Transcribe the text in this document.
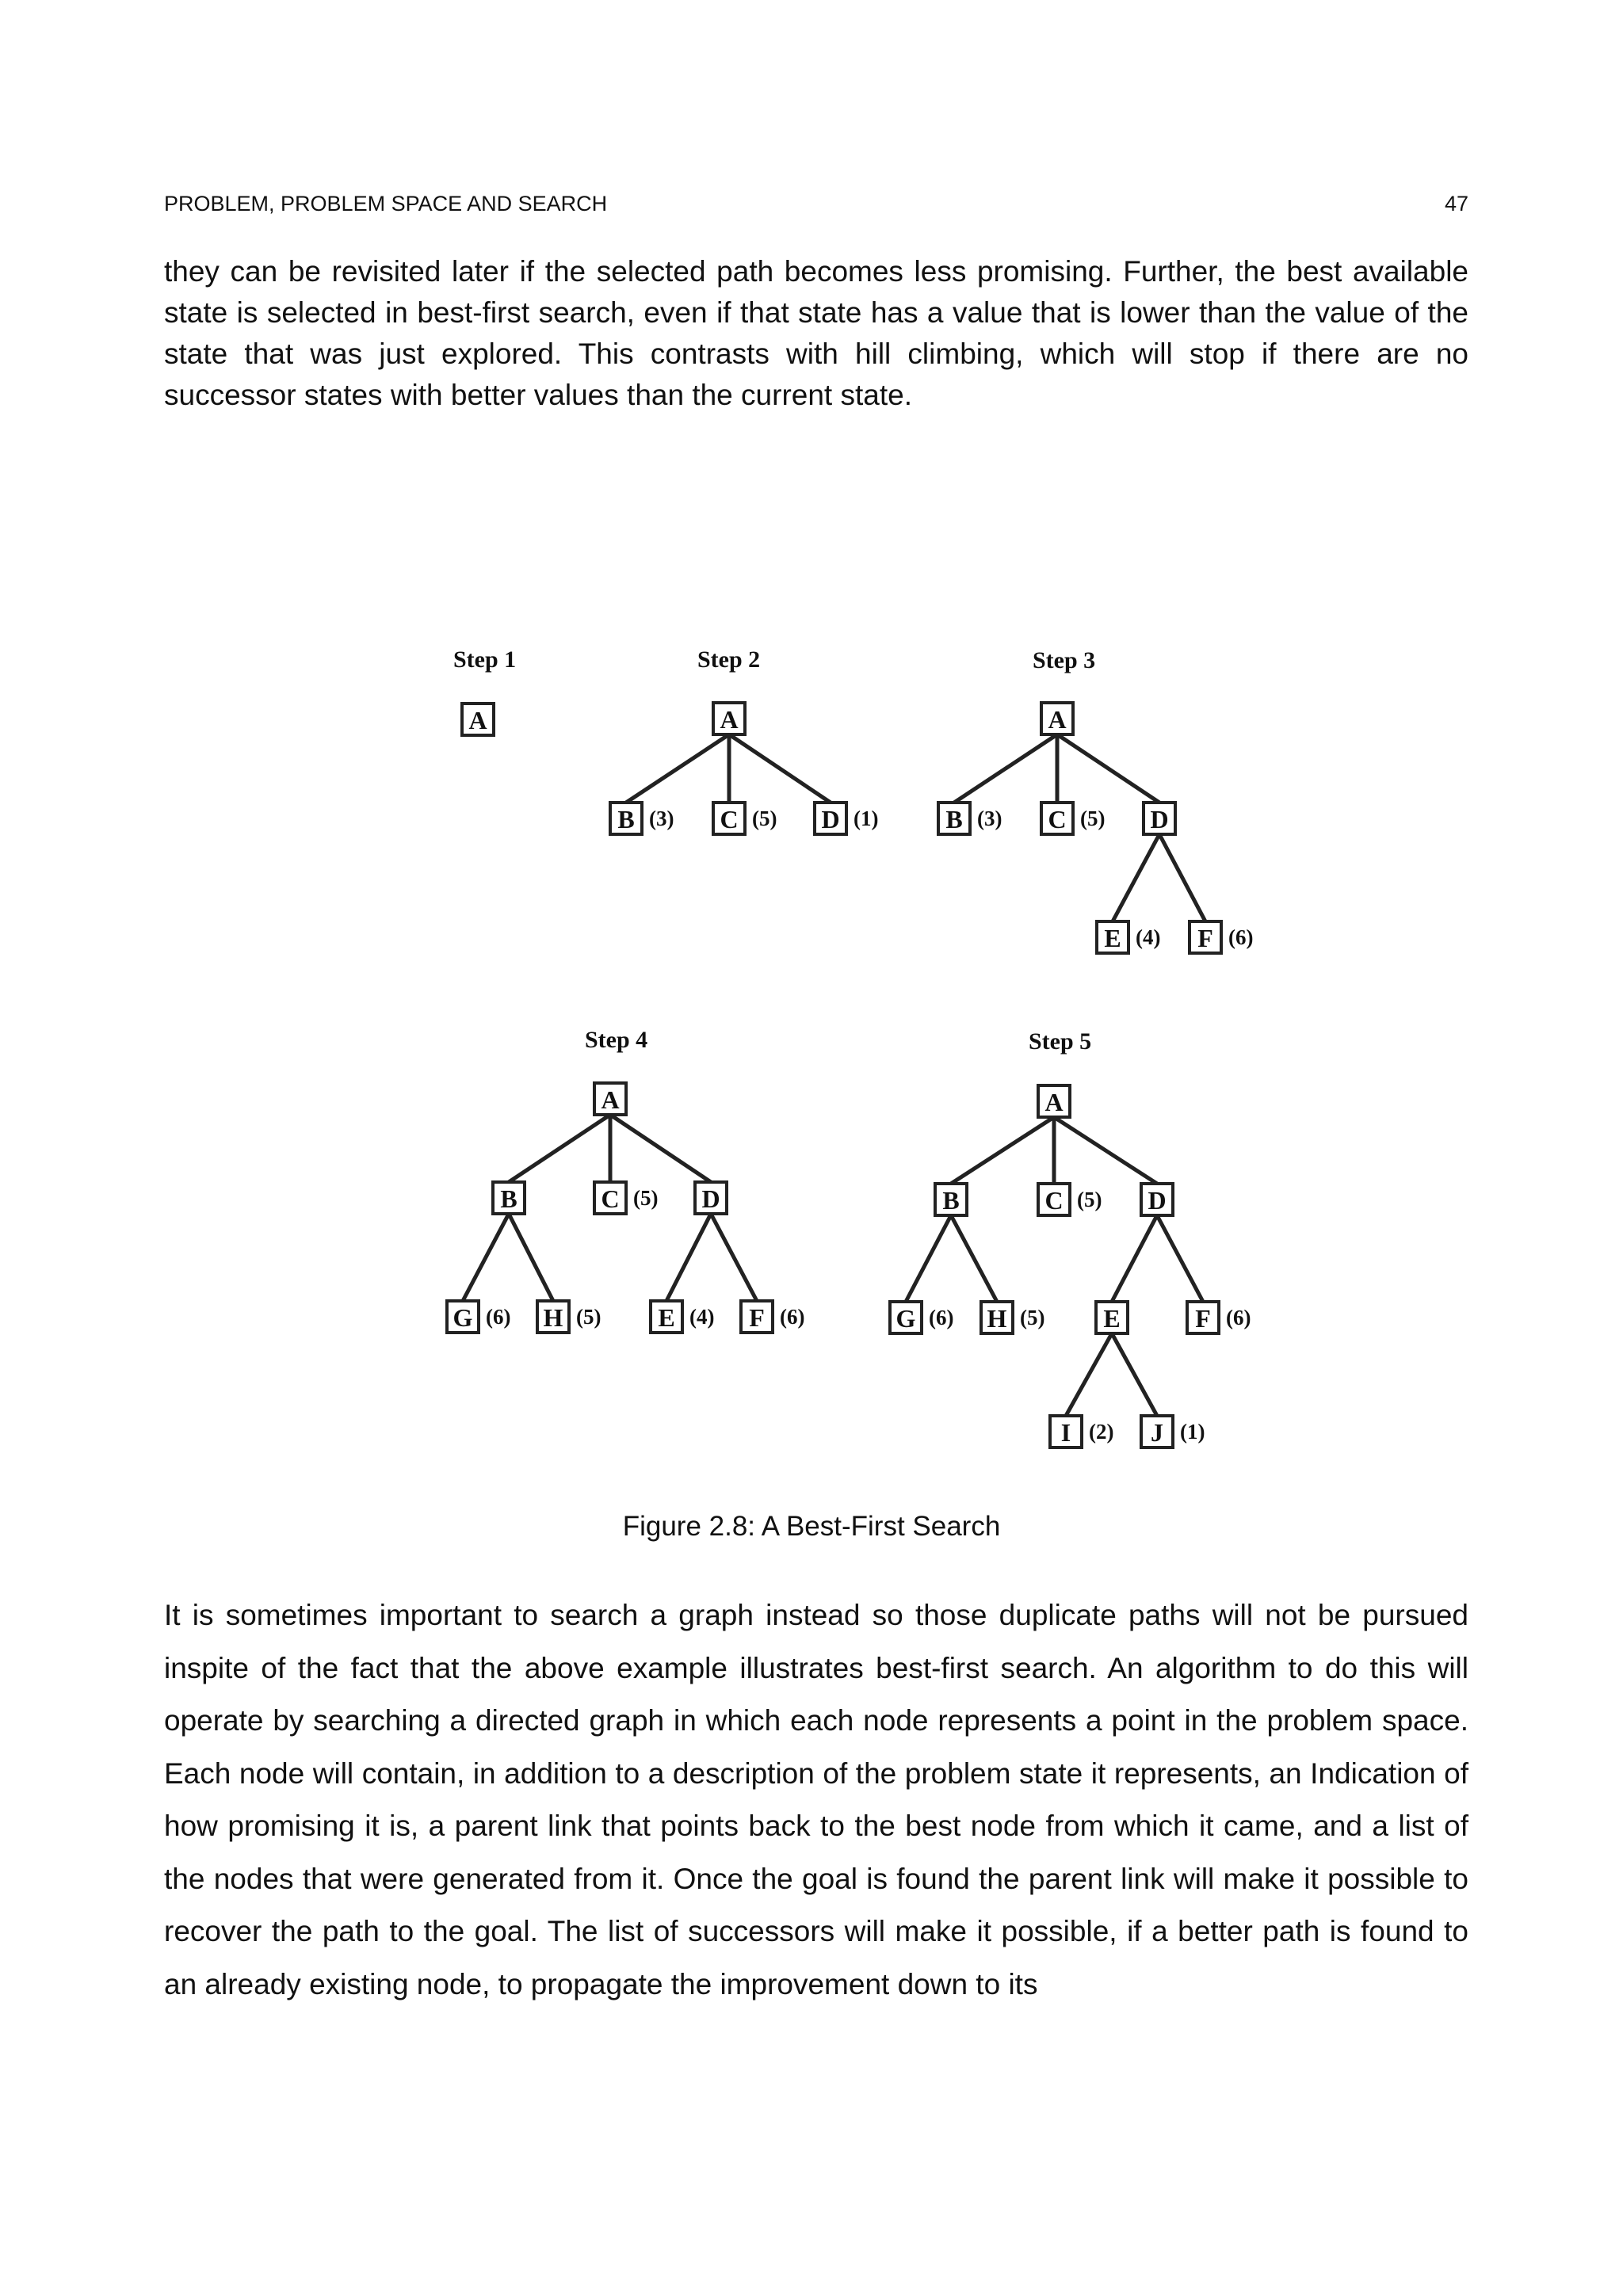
PROBLEM, PROBLEM SPACE AND SEARCH	47

they can be revisited later if the selected path becomes less promising. Further, the best available state is selected in best-first search, even if that state has a value that is lower than the value of the state that was just explored. This contrasts with hill climbing, which will stop if there are no successor states with better values than the current state.

Step 1
A
Step 2
A
B (3) C (5) D (1)
Step 3
A
B (3) C (5) D
E (4) F (6)
Step 4
A
B	C (5) D
G (6) H (5) E (4) F (6)
Step 5
A
B	C (5) D
G (6) H (5) E	F (6)
I (2) J (1)
Figure 2.8: A Best-First Search

It is sometimes important to search a graph instead so those duplicate paths will not be pursued inspite of the fact that the above example illustrates best-first search. An algorithm to do this will operate by searching a directed graph in which each node represents a point in the problem space. Each node will contain, in addition to a description of the problem state it represents, an Indication of how promising it is, a parent link that points back to the best node from which it came, and a list of the nodes that were generated from it. Once the goal is found the parent link will make it possible to recover the path to the goal. The list of successors will make it possible, if a better path is found to an already existing node, to propagate the improvement down to its
